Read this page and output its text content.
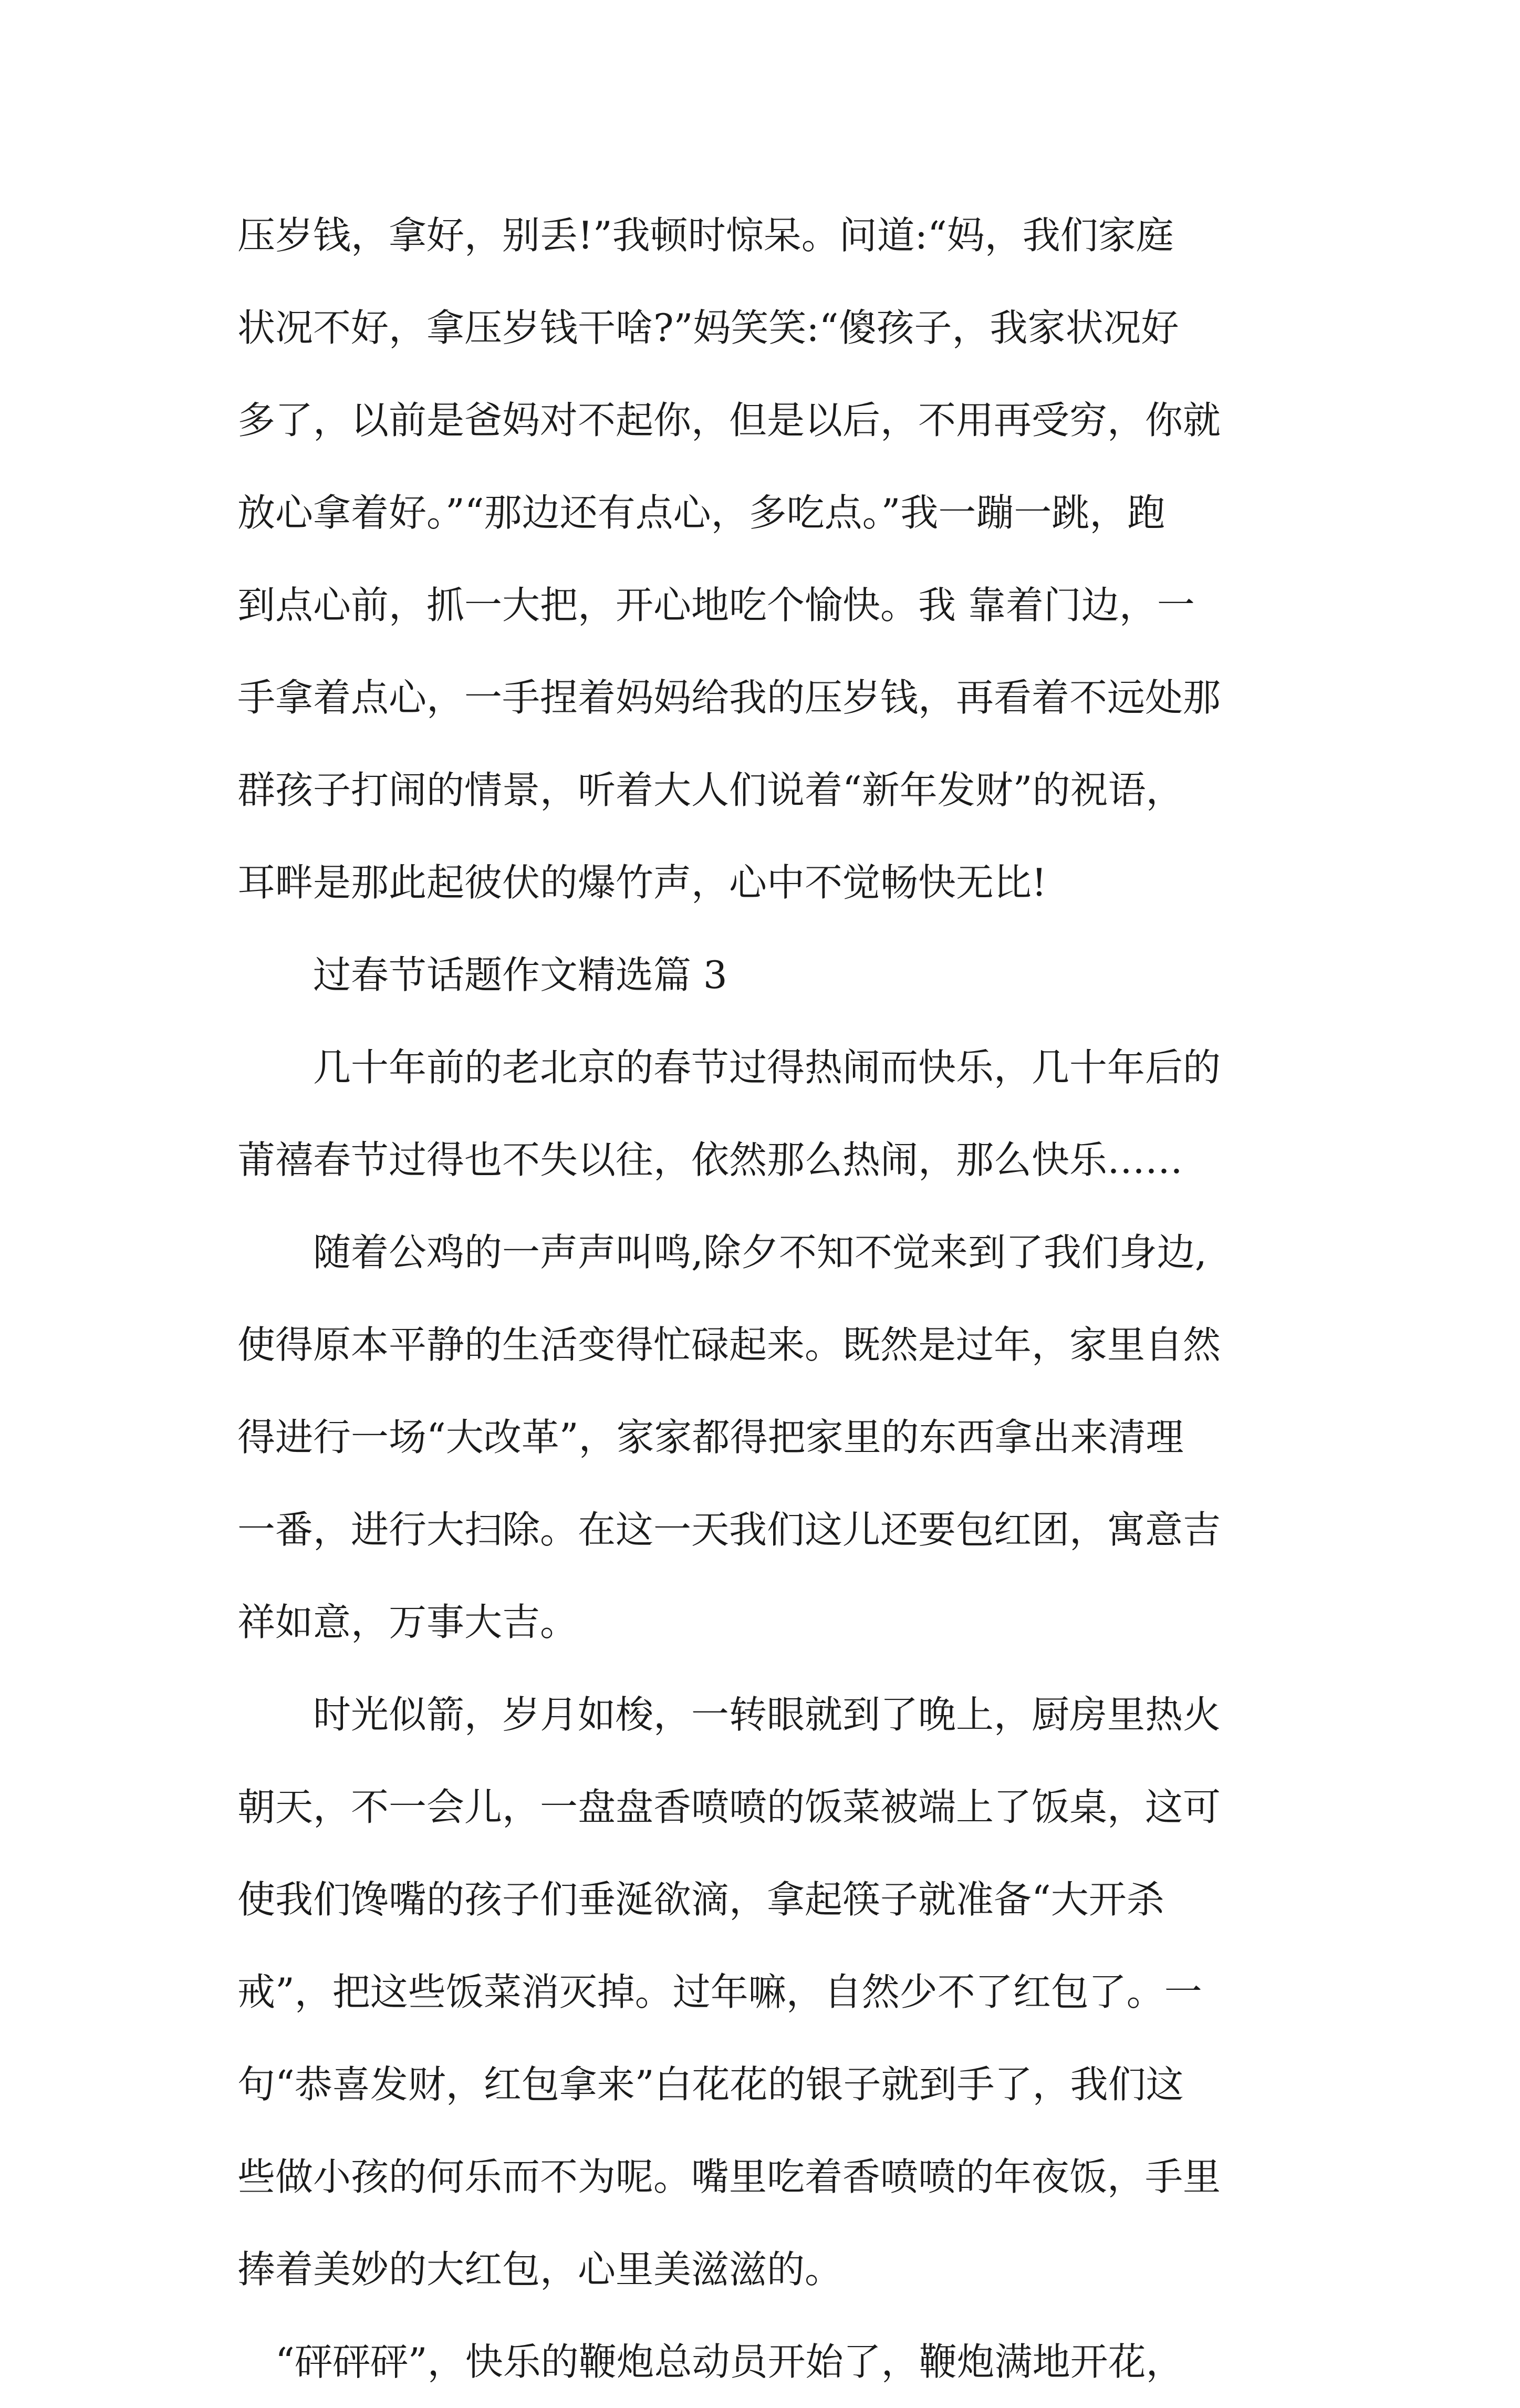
压岁钱，拿好，别丢!”我顿时惊呆。问道:“妈，我们家庭
状况不好，拿压岁钱干啥?”妈笑笑:“傻孩子，我家状况好
多了，以前是爸妈对不起你，但是以后，不用再受穷，你就
放心拿着好。”“那边还有点心，多吃点。”我一蹦一跳，跑
到点心前，抓一大把，开心地吃个愉快。我 靠着门边，一
手拿着点心，一手捏着妈妈给我的压岁钱，再看着不远处那
群孩子打闹的情景，听着大人们说着“新年发财”的祝语，
耳畔是那此起彼伏的爆竹声，心中不觉畅快无比!
过春节话题作文精选篇 3
几十年前的老北京的春节过得热闹而快乐，几十年后的
莆禧春节过得也不失以往，依然那么热闹，那么快乐……
随着公鸡的一声声叫鸣,除夕不知不觉来到了我们身边,
使得原本平静的生活变得忙碌起来。既然是过年，家里自然
得进行一场“大改革”，家家都得把家里的东西拿出来清理
一番，进行大扫除。在这一天我们这儿还要包红团，寓意吉
祥如意，万事大吉。
时光似箭，岁月如梭，一转眼就到了晚上，厨房里热火
朝天，不一会儿，一盘盘香喷喷的饭菜被端上了饭桌，这可
使我们馋嘴的孩子们垂涎欲滴，拿起筷子就准备“大开杀
戒”，把这些饭菜消灭掉。过年嘛，自然少不了红包了。一
句“恭喜发财，红包拿来”白花花的银子就到手了，我们这
些做小孩的何乐而不为呢。嘴里吃着香喷喷的年夜饭，手里
捧着美妙的大红包，心里美滋滋的。
“砰砰砰”，快乐的鞭炮总动员开始了，鞭炮满地开花，
